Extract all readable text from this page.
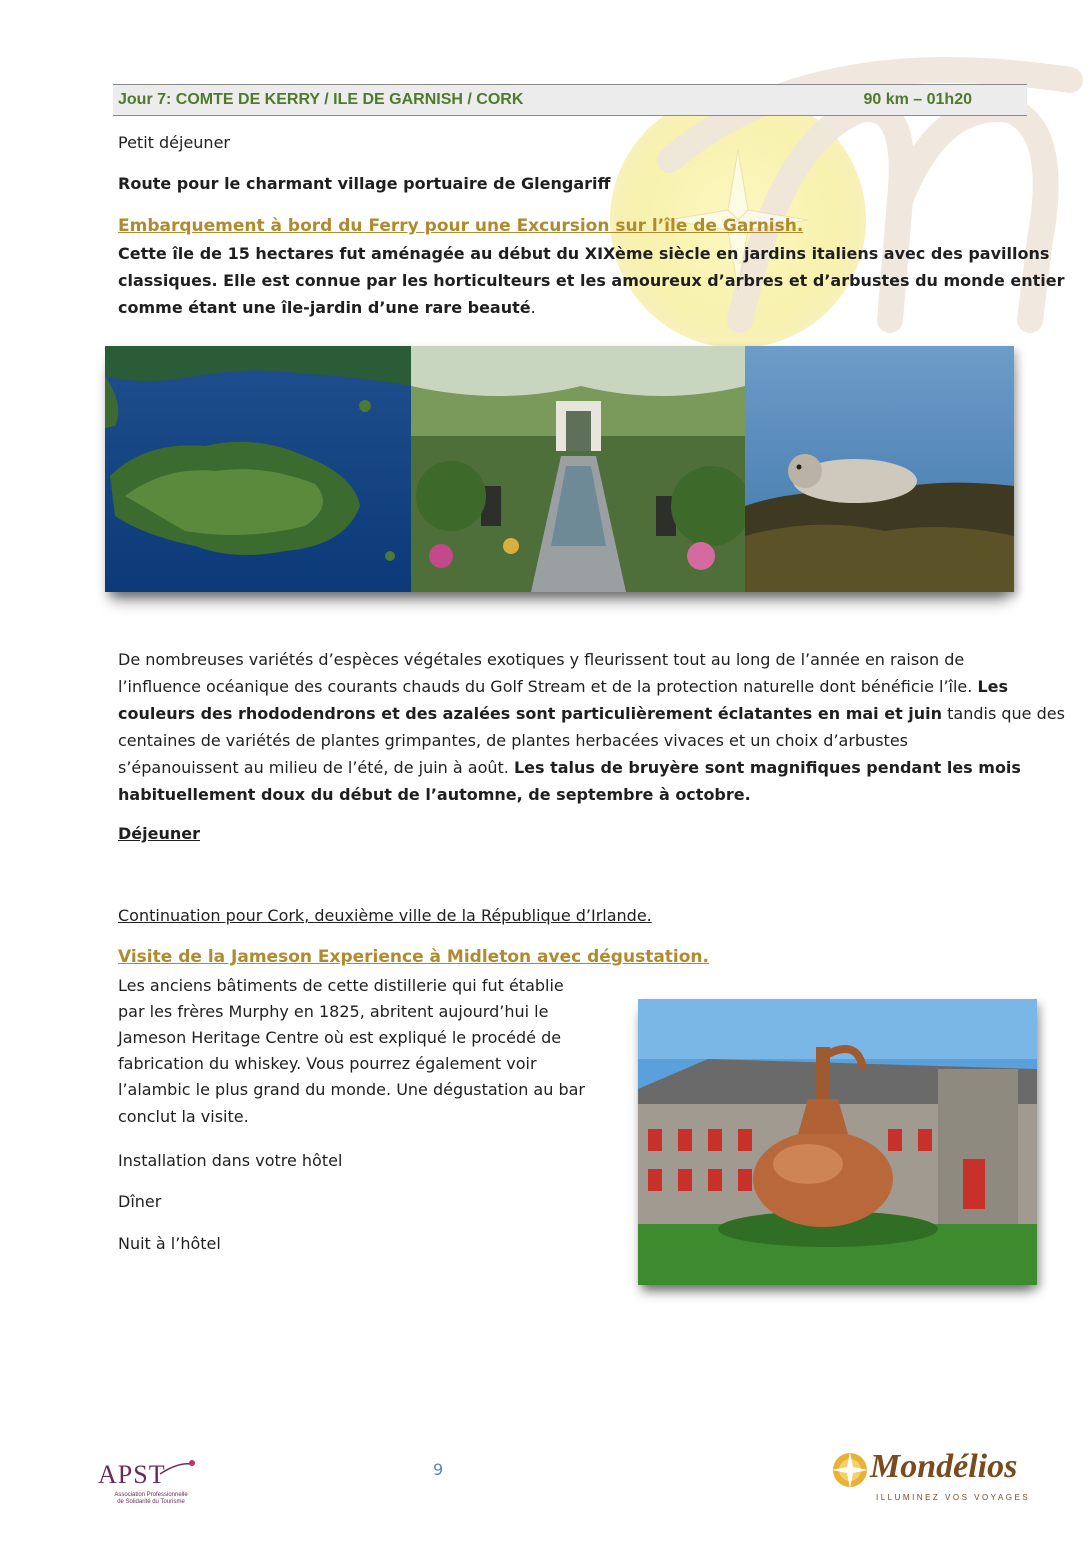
Jour 7: COMTE DE KERRY / ILE DE GARNISH / CORK	90 km – 01h20
Petit déjeuner
Route pour le charmant village portuaire de Glengariff
Embarquement à bord du Ferry pour une Excursion sur l’île de Garnish.
Cette île de 15 hectares fut aménagée au début du XIXème siècle en jardins italiens avec des pavillons
classiques. Elle est connue par les horticulteurs et les amoureux d’arbres et d’arbustes du monde entier
comme étant une île-jardin d’une rare beauté.
De nombreuses variétés d’espèces végétales exotiques y fleurissent tout au long de l’année en raison de
l’influence océanique des courants chauds du Golf Stream et de la protection naturelle dont bénéficie l’île. Les
couleurs des rhododendrons et des azalées sont particulièrement éclatantes en mai et juin tandis que des
centaines de variétés de plantes grimpantes, de plantes herbacées vivaces et un choix d’arbustes
s’épanouissent au milieu de l’été, de juin à août. Les talus de bruyère sont magnifiques pendant les mois
habituellement doux du début de l’automne, de septembre à octobre.
Déjeuner
Continuation pour Cork, deuxième ville de la République d’Irlande.
Visite de la Jameson Experience à Midleton avec dégustation.
Les anciens bâtiments de cette distillerie qui fut établie
par les frères Murphy en 1825, abritent aujourd’hui le
Jameson Heritage Centre où est expliqué le procédé de
fabrication du whiskey. Vous pourrez également voir
l’alambic le plus grand du monde. Une dégustation au bar
conclut la visite.
Installation dans votre hôtel
Dîner
Nuit à l’hôtel
9
APST
Association Professionnelle
de Solidarité du Tourisme
Mondélios
ILLUMINEZ VOS VOYAGES
